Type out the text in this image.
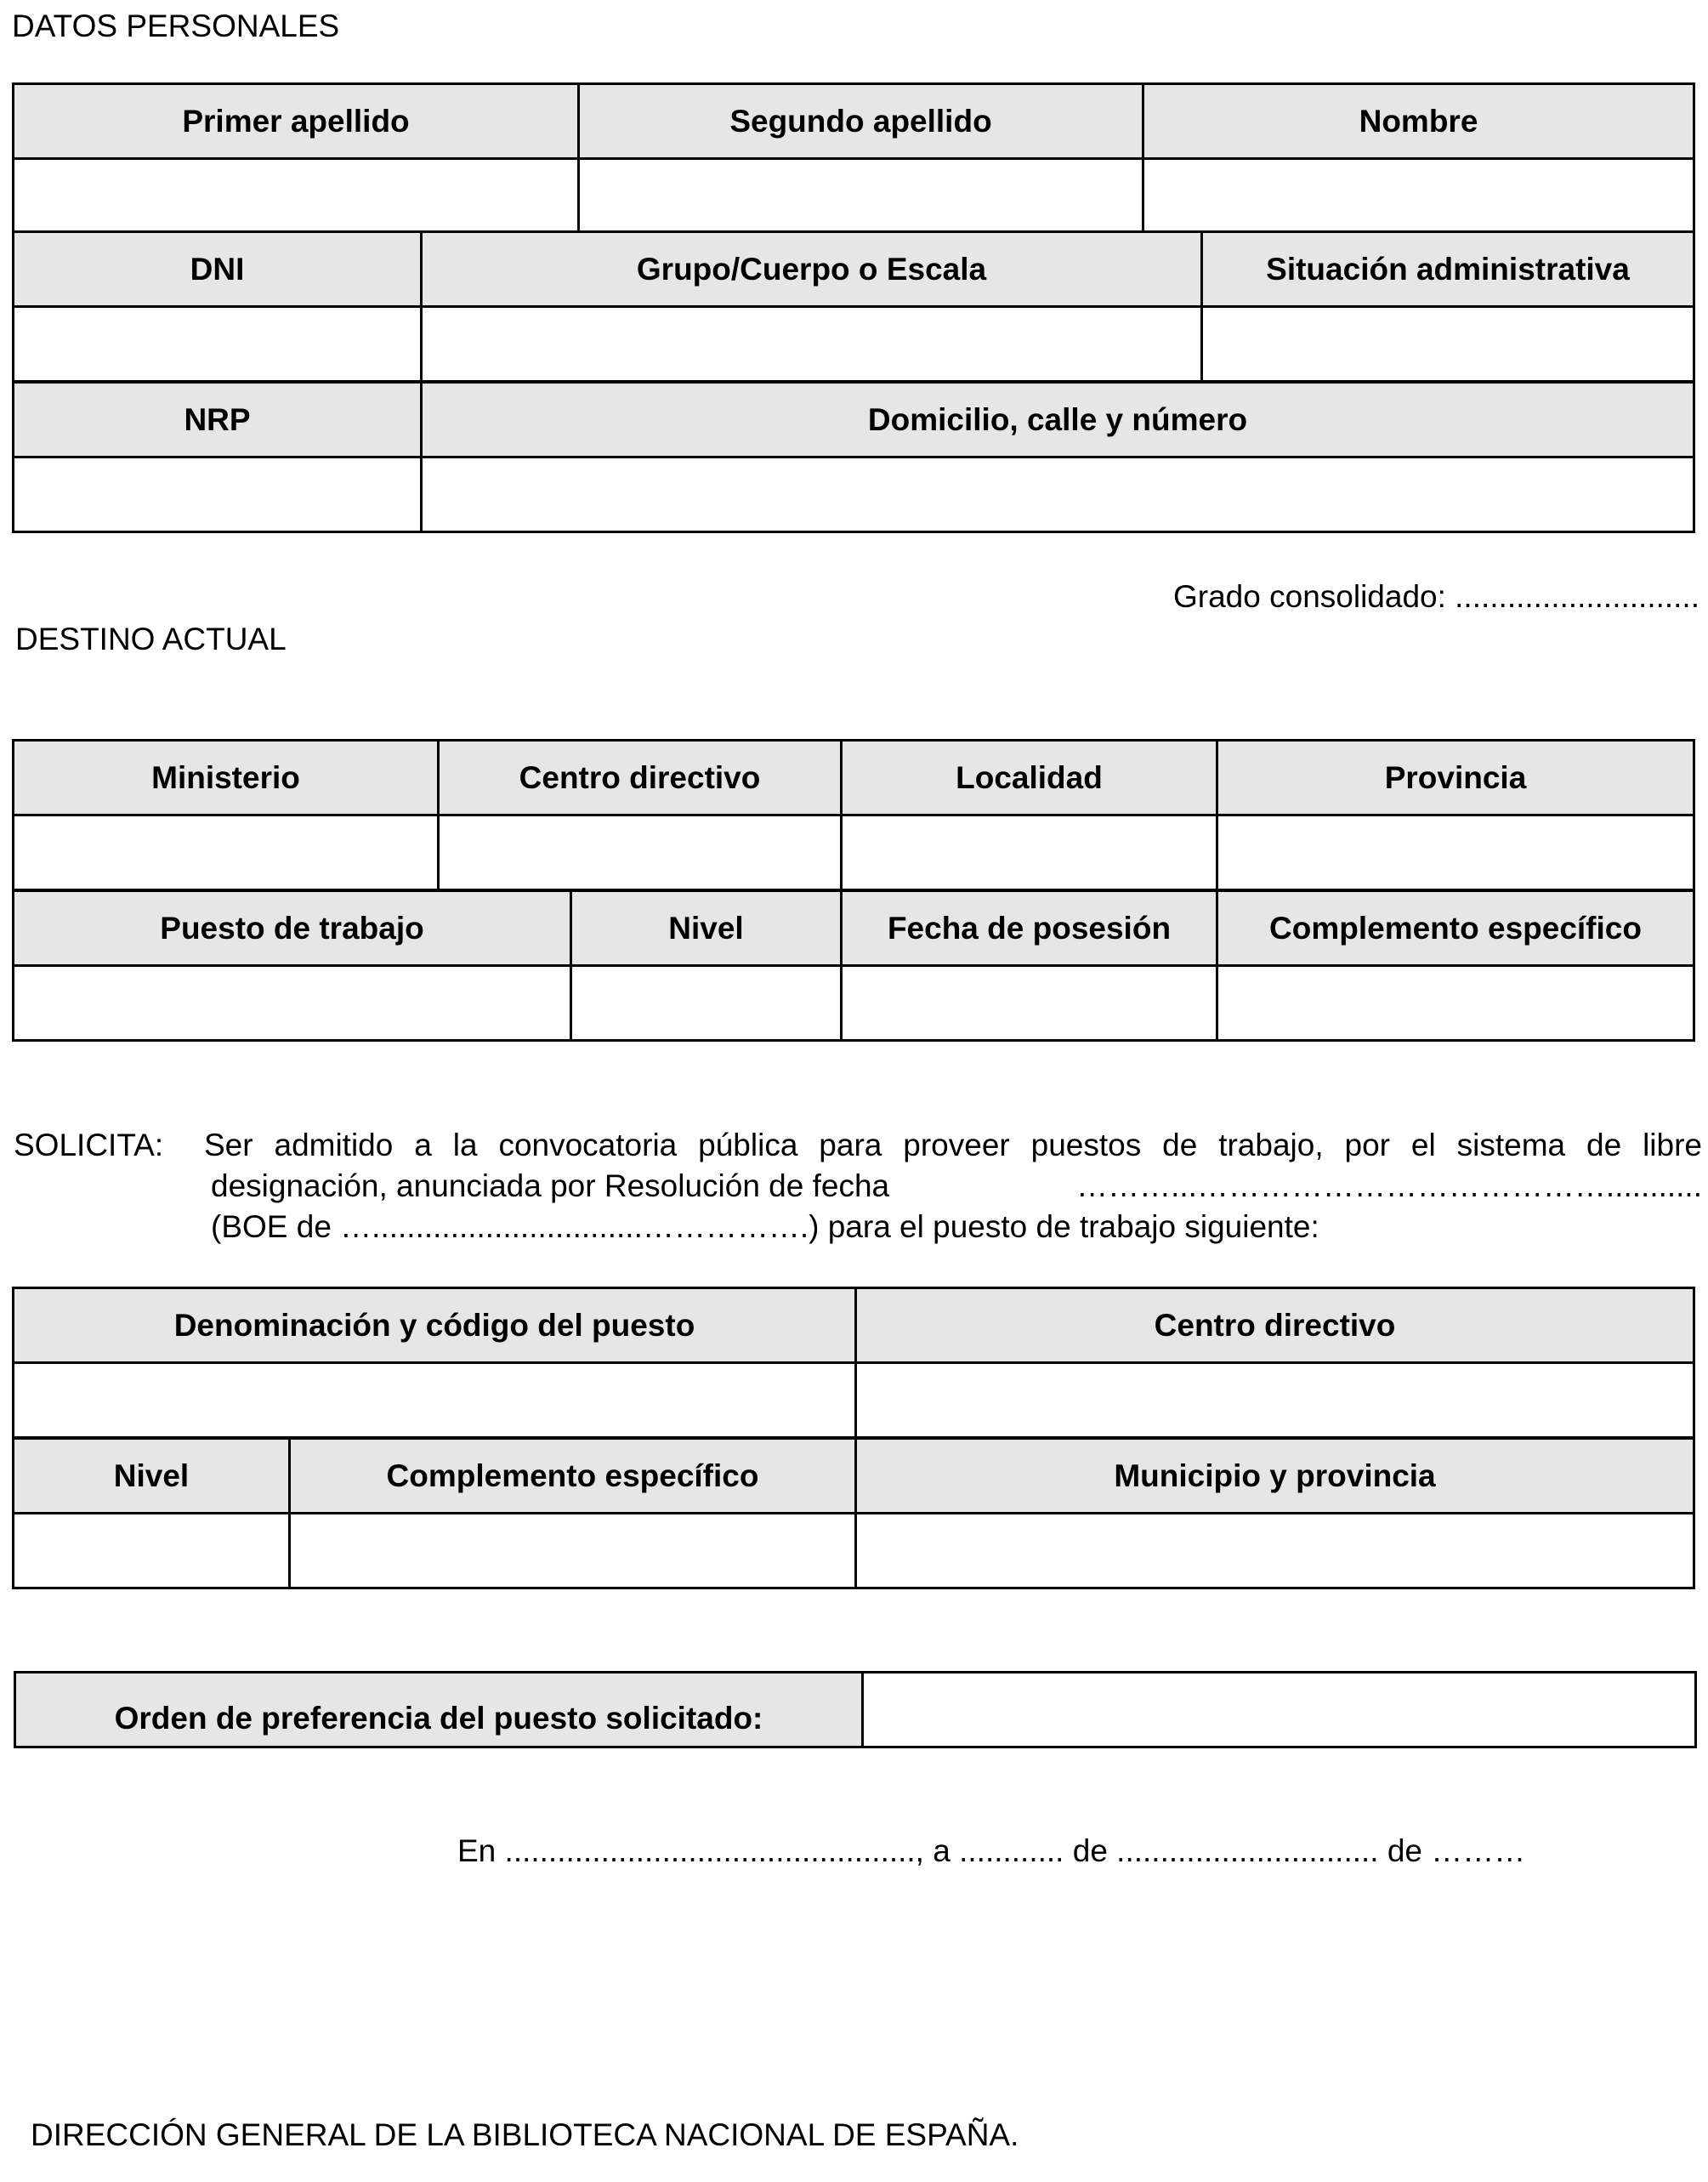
DATOS PERSONALES
Primer apellido	Segundo apellido	Nombre

DNI	Grupo/Cuerpo o Escala	Situación administrativa

NRP	Domicilio, calle y número

Grado consolidado: ............................
DESTINO ACTUAL
Ministerio	Centro directivo	Localidad	Provincia

Puesto de trabajo	Nivel	Fecha de posesión	Complemento específico

SOLICITA: Ser admitido a la convocatoria pública para proveer puestos de trabajo, por el sistema de libre
designación, anunciada por Resolución de fecha	………...…………………………………...........
(BOE de …...............................…………….) para el puesto de trabajo siguiente:
Denominación y código del puesto	Centro directivo

Nivel	Complemento específico	Municipio y provincia

Orden de preferencia del puesto solicitado:	
En ..............................................., a ............ de .............................. de ………
DIRECCIÓN GENERAL DE LA BIBLIOTECA NACIONAL DE ESPAÑA.
